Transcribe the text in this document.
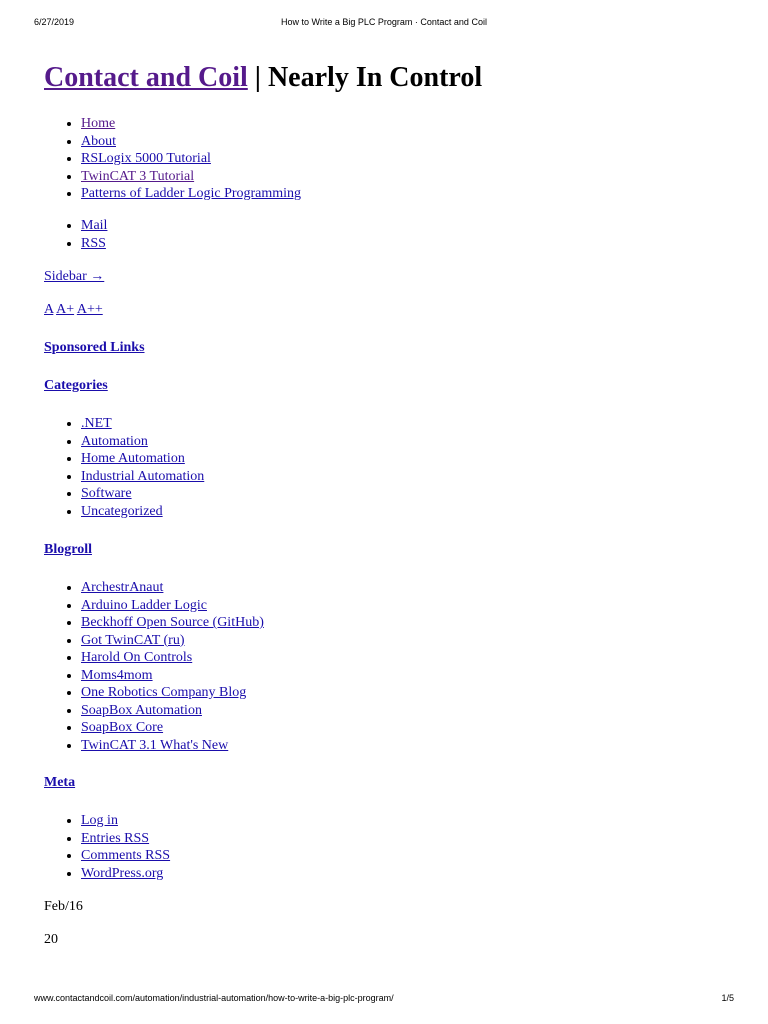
6/27/2019	How to Write a Big PLC Program · Contact and Coil
Contact and Coil | Nearly In Control
• Home
• About
• RSLogix 5000 Tutorial
• TwinCAT 3 Tutorial
• Patterns of Ladder Logic Programming
• Mail
• RSS

Sidebar →

A A+ A++

Sponsored Links
Categories
• .NET
• Automation
• Home Automation
• Industrial Automation
• Software
• Uncategorized
Blogroll
• ArchestrAnaut
• Arduino Ladder Logic
• Beckhoff Open Source (GitHub)
• Got TwinCAT (ru)
• Harold On Controls
• Moms4mom
• One Robotics Company Blog
• SoapBox Automation
• SoapBox Core
• TwinCAT 3.1 What's New
Meta
• Log in
• Entries RSS
• Comments RSS
• WordPress.org

Feb/16

20

www.contactandcoil.com/automation/industrial-automation/how-to-write-a-big-plc-program/	1/5
